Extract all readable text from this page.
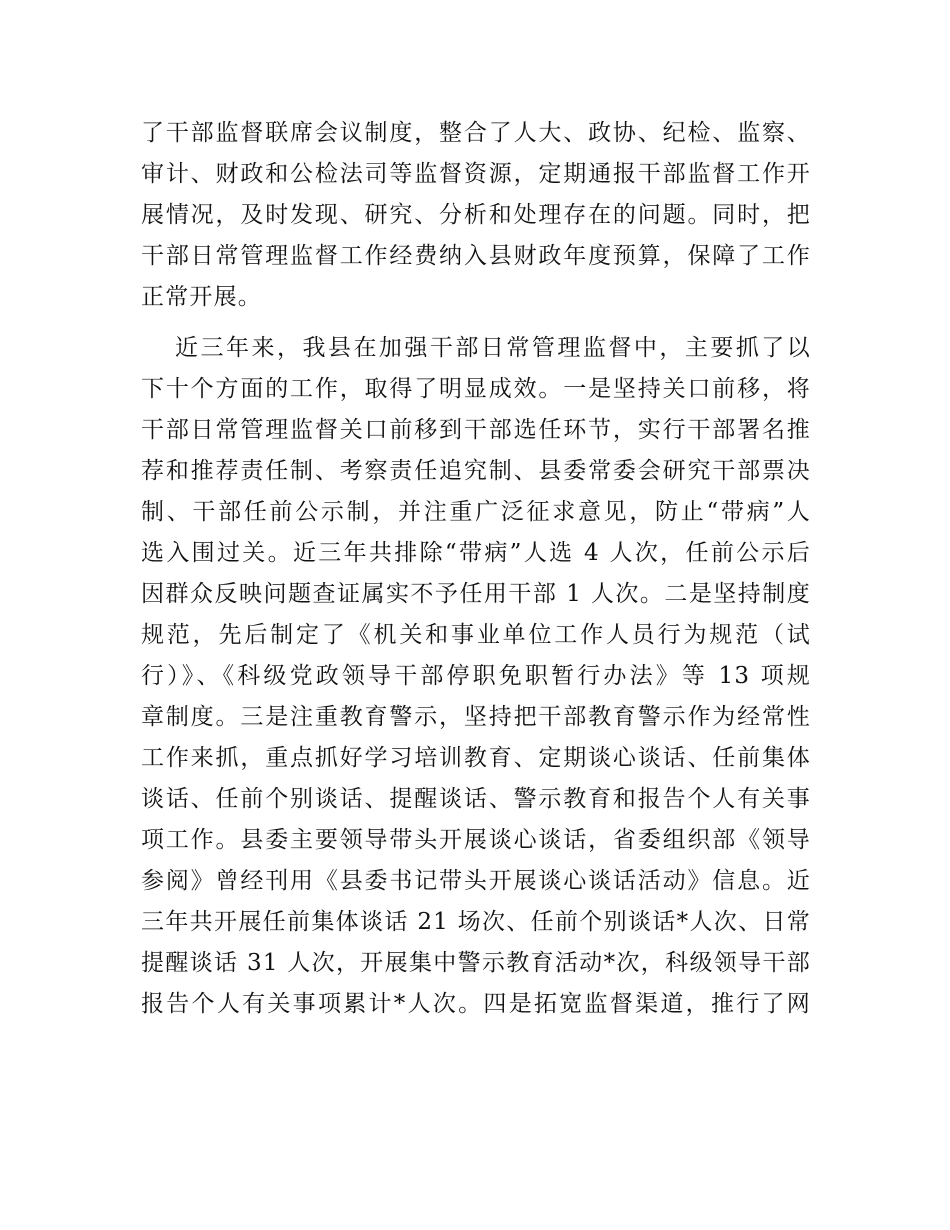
了干部监督联席会议制度，整合了人大、政协、纪检、监察、
审计、财政和公检法司等监督资源，定期通报干部监督工作开
展情况，及时发现、研究、分析和处理存在的问题。同时，把
干部日常管理监督工作经费纳入县财政年度预算，保障了工作
正常开展。
近三年来，我县在加强干部日常管理监督中，主要抓了以
下十个方面的工作，取得了明显成效。一是坚持关口前移，将
干部日常管理监督关口前移到干部选任环节，实行干部署名推
荐和推荐责任制、考察责任追究制、县委常委会研究干部票决
制、干部任前公示制，并注重广泛征求意见，防止“带病”人
选入围过关。近三年共排除“带病”人选 4 人次，任前公示后
因群众反映问题查证属实不予任用干部 1 人次。二是坚持制度
规范，先后制定了《机关和事业单位工作人员行为规范（试
行）》、《科级党政领导干部停职免职暂行办法》等 13 项规
章制度。三是注重教育警示，坚持把干部教育警示作为经常性
工作来抓，重点抓好学习培训教育、定期谈心谈话、任前集体
谈话、任前个别谈话、提醒谈话、警示教育和报告个人有关事
项工作。县委主要领导带头开展谈心谈话，省委组织部《领导
参阅》曾经刊用《县委书记带头开展谈心谈话活动》信息。近
三年共开展任前集体谈话 21 场次、任前个别谈话*人次、日常
提醒谈话 31 人次，开展集中警示教育活动*次，科级领导干部
报告个人有关事项累计*人次。四是拓宽监督渠道，推行了网
